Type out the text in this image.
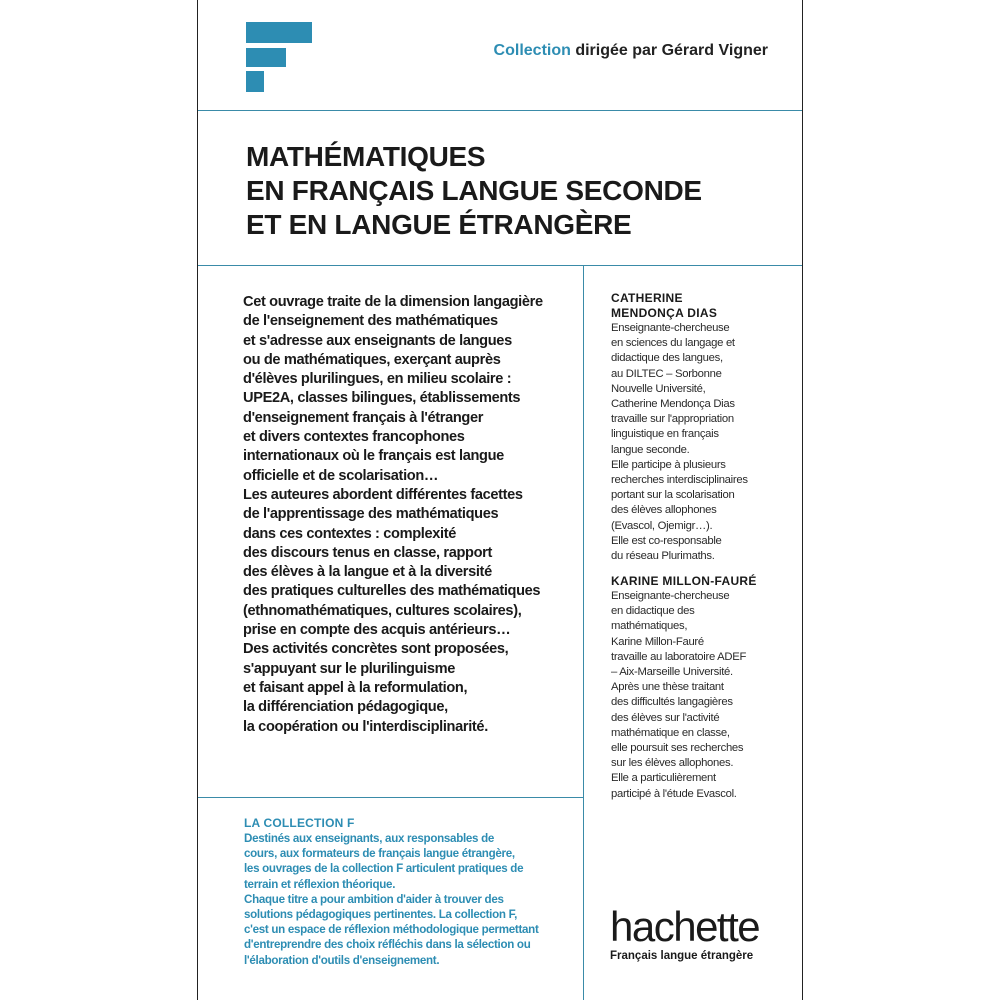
Collection dirigée par Gérard Vigner
MATHÉMATIQUES
EN FRANÇAIS LANGUE SECONDE
ET EN LANGUE ÉTRANGÈRE
Cet ouvrage traite de la dimension langagière
de l'enseignement des mathématiques
et s'adresse aux enseignants de langues
ou de mathématiques, exerçant auprès
d'élèves plurilingues, en milieu scolaire :
UPE2A, classes bilingues, établissements
d'enseignement français à l'étranger
et divers contextes francophones
internationaux où le français est langue
officielle et de scolarisation…
Les auteures abordent différentes facettes
de l'apprentissage des mathématiques
dans ces contextes : complexité
des discours tenus en classe, rapport
des élèves à la langue et à la diversité
des pratiques culturelles des mathématiques
(ethnomathématiques, cultures scolaires),
prise en compte des acquis antérieurs…
Des activités concrètes sont proposées,
s'appuyant sur le plurilinguisme
et faisant appel à la reformulation,
la différenciation pédagogique,
la coopération ou l'interdisciplinarité.
CATHERINE
MENDONÇA DIAS
Enseignante-chercheuse
en sciences du langage et
didactique des langues,
au DILTEC – Sorbonne
Nouvelle Université,
Catherine Mendonça Dias
travaille sur l'appropriation
linguistique en français
langue seconde.
Elle participe à plusieurs
recherches interdisciplinaires
portant sur la scolarisation
des élèves allophones
(Evascol, Ojemigr…).
Elle est co-responsable
du réseau Plurimaths.
KARINE MILLON-FAURÉ
Enseignante-chercheuse
en didactique des
mathématiques,
Karine Millon-Fauré
travaille au laboratoire ADEF
– Aix-Marseille Université.
Après une thèse traitant
des difficultés langagières
des élèves sur l'activité
mathématique en classe,
elle poursuit ses recherches
sur les élèves allophones.
Elle a particulièrement
participé à l'étude Evascol.
LA COLLECTION F
Destinés aux enseignants, aux responsables de
cours, aux formateurs de français langue étrangère,
les ouvrages de la collection F articulent pratiques de
terrain et réflexion théorique.
Chaque titre a pour ambition d'aider à trouver des
solutions pédagogiques pertinentes. La collection F,
c'est un espace de réflexion méthodologique permettant
d'entreprendre des choix réfléchis dans la sélection ou
l'élaboration d'outils d'enseignement.
hachette
Français langue étrangère
